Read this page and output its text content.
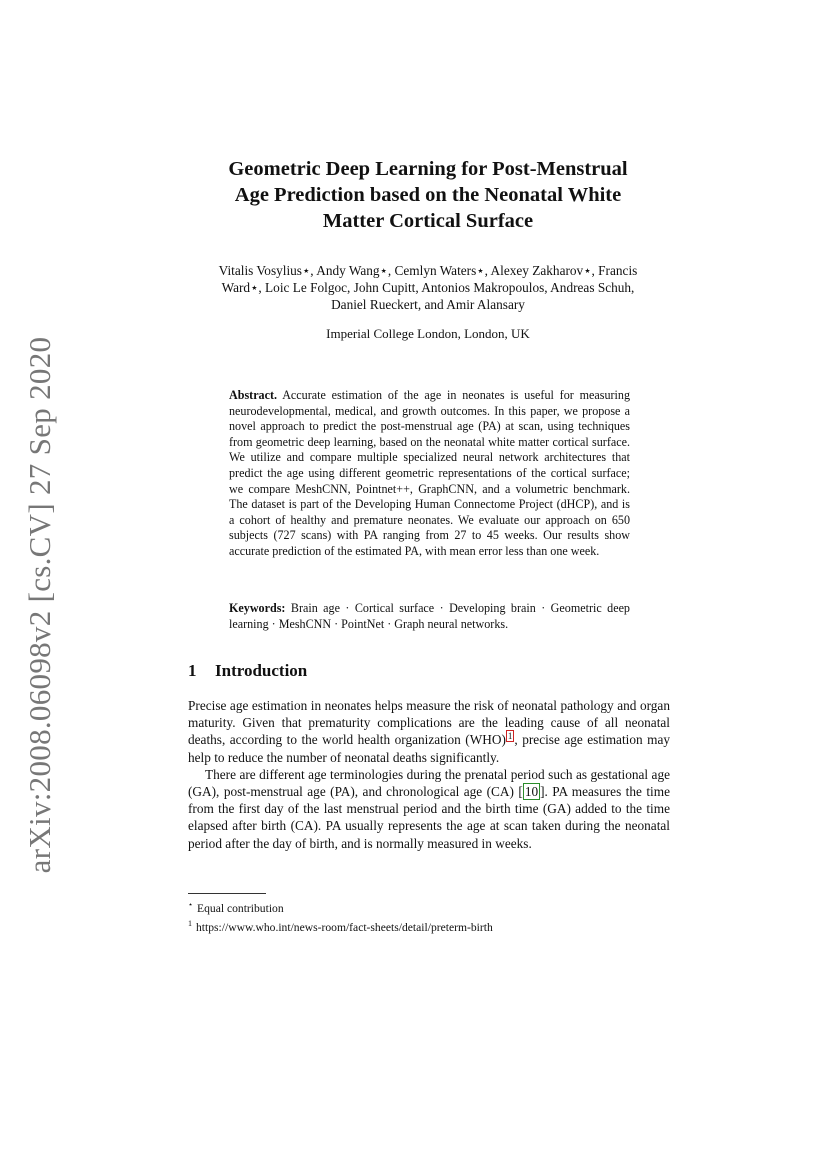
arXiv:2008.06098v2 [cs.CV] 27 Sep 2020
Geometric Deep Learning for Post-Menstrual
Age Prediction based on the Neonatal White
Matter Cortical Surface
Vitalis Vosylius⋆, Andy Wang⋆, Cemlyn Waters⋆, Alexey Zakharov⋆, Francis
Ward⋆, Loic Le Folgoc, John Cupitt, Antonios Makropoulos, Andreas Schuh,
Daniel Rueckert, and Amir Alansary
Imperial College London, London, UK
Abstract. Accurate estimation of the age in neonates is useful for measuring neurodevelopmental, medical, and growth outcomes. In this paper, we propose a novel approach to predict the post-menstrual age (PA) at scan, using techniques from geometric deep learning, based on the neonatal white matter cortical surface. We utilize and compare multiple specialized neural network architectures that predict the age using different geometric representations of the cortical surface; we compare MeshCNN, Pointnet++, GraphCNN, and a volumetric benchmark. The dataset is part of the Developing Human Connectome Project (dHCP), and is a cohort of healthy and premature neonates. We evaluate our approach on 650 subjects (727 scans) with PA ranging from 27 to 45 weeks. Our results show accurate prediction of the estimated PA, with mean error less than one week.
Keywords: Brain age · Cortical surface · Developing brain · Geometric deep learning · MeshCNN · PointNet · Graph neural networks.
1 Introduction

Precise age estimation in neonates helps measure the risk of neonatal pathology and organ maturity. Given that prematurity complications are the leading cause of all neonatal deaths, according to the world health organization (WHO) $^1$ , precise age estimation may help to reduce the number of neonatal deaths significantly.

There are different age terminologies during the prenatal period such as gestational age (GA), post-menstrual age (PA), and chronological age (CA) [ 10 ]. PA measures the time from the first day of the last menstrual period and the birth time (GA) added to the time elapsed after birth (CA). PA usually represents the age at scan taken during the neonatal period after the day of birth, and is normally measured in weeks.

⋆ Equal contribution
$^1$ https://www.who.int/news-room/fact-sheets/detail/preterm-birth
